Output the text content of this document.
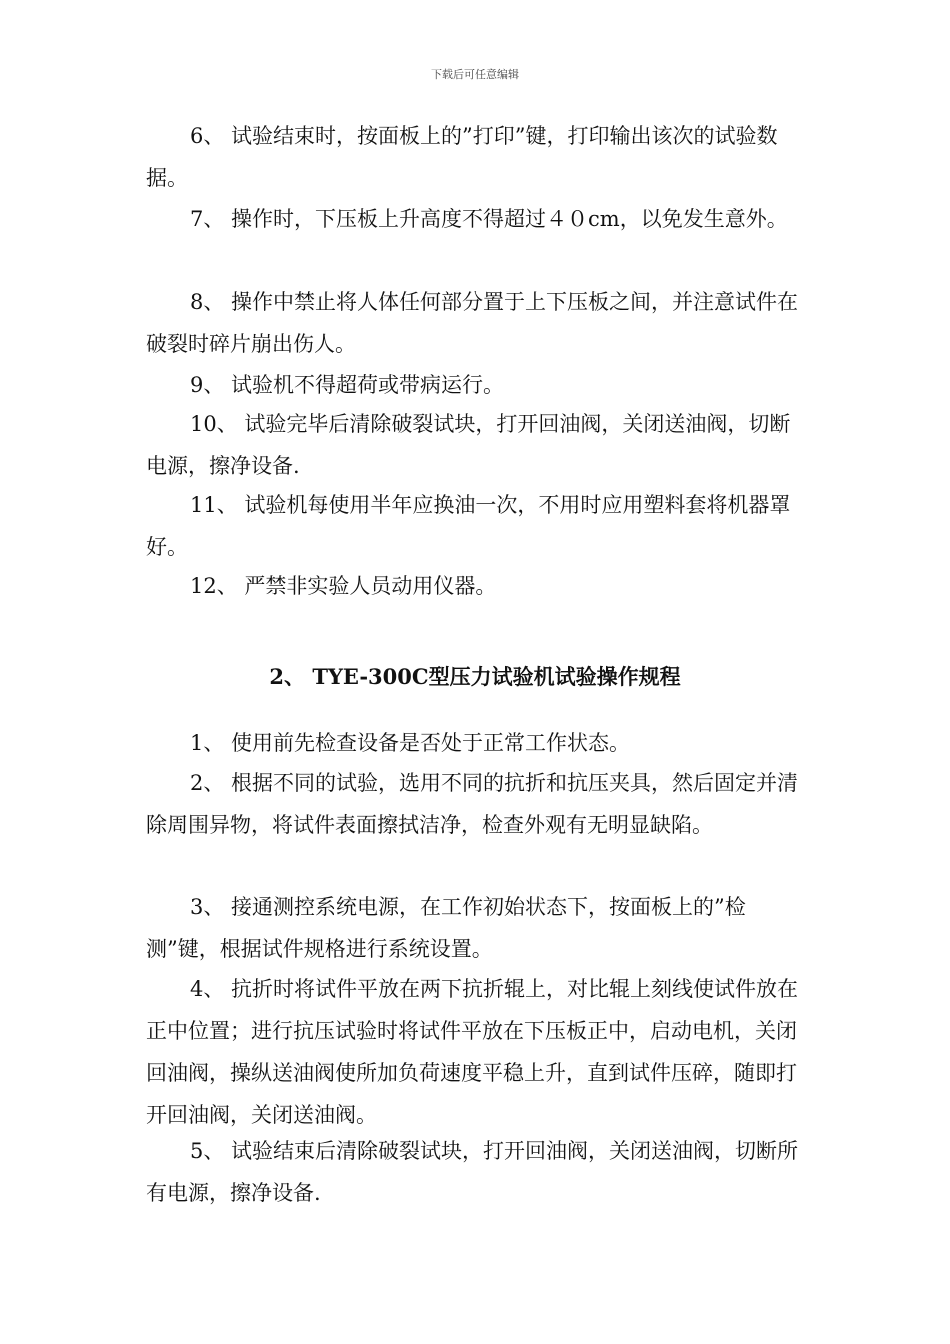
下载后可任意编辑
6、 试验结束时，按面板上的”打印”键，打印输出该次的试验数据。
7、 操作时，下压板上升高度不得超过４０cm，以免发生意外。
8、 操作中禁止将人体任何部分置于上下压板之间，并注意试件在破裂时碎片崩出伤人。
9、 试验机不得超荷或带病运行。
10、 试验完毕后清除破裂试块，打开回油阀，关闭送油阀，切断电源，擦净设备.
11、 试验机每使用半年应换油一次，不用时应用塑料套将机器罩好。
12、 严禁非实验人员动用仪器。
2、 TYE-300C型压力试验机试验操作规程
1、 使用前先检查设备是否处于正常工作状态。
2、 根据不同的试验，选用不同的抗折和抗压夹具，然后固定并清除周围异物，将试件表面擦拭洁净，检查外观有无明显缺陷。
3、 接通测控系统电源，在工作初始状态下，按面板上的”检测”键，根据试件规格进行系统设置。
4、 抗折时将试件平放在两下抗折辊上，对比辊上刻线使试件放在正中位置；进行抗压试验时将试件平放在下压板正中，启动电机，关闭回油阀，操纵送油阀使所加负荷速度平稳上升，直到试件压碎，随即打开回油阀，关闭送油阀。
5、 试验结束后清除破裂试块，打开回油阀，关闭送油阀，切断所有电源，擦净设备.
